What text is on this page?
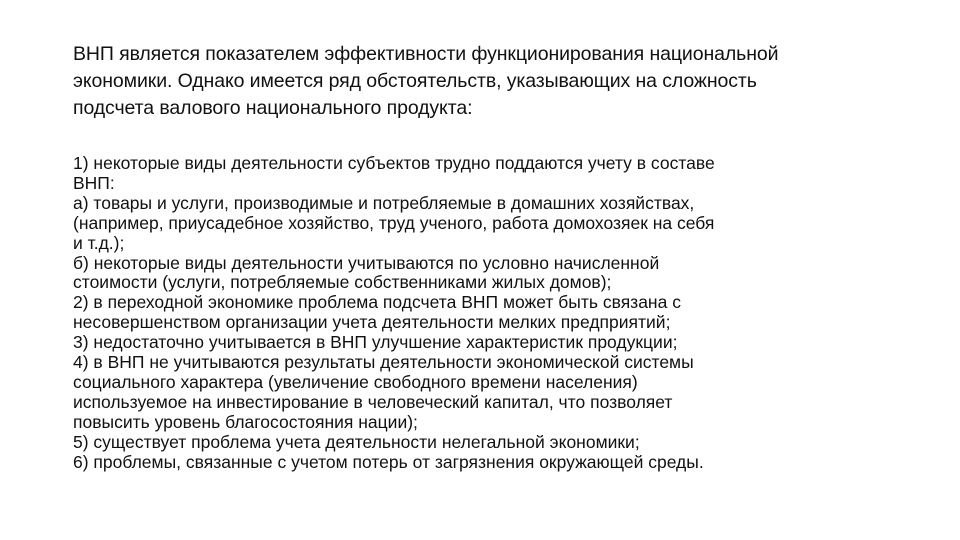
ВНП является показателем эффективности функционирования национальной
экономики. Однако имеется ряд обстоятельств, указывающих на сложность
подсчета валового национального продукта:

1) некоторые виды деятельности субъектов трудно поддаются учету в составе
ВНП:
а) товары и услуги, производимые и потребляемые в домашних хозяйствах,
(например, приусадебное хозяйство, труд ученого, работа домохозяек на себя
и т.д.);
б) некоторые виды деятельности учитываются по условно начисленной
стоимости (услуги, потребляемые собственниками жилых домов);
2) в переходной экономике проблема подсчета ВНП может быть связана с
несовершенством организации учета деятельности мелких предприятий;
3) недостаточно учитывается в ВНП улучшение характеристик продукции;
4) в ВНП не учитываются результаты деятельности экономической системы
социального характера (увеличение свободного времени населения)
используемое на инвестирование в человеческий капитал, что позволяет
повысить уровень благосостояния нации);
5) существует проблема учета деятельности нелегальной экономики;
6) проблемы, связанные с учетом потерь от загрязнения окружающей среды.
